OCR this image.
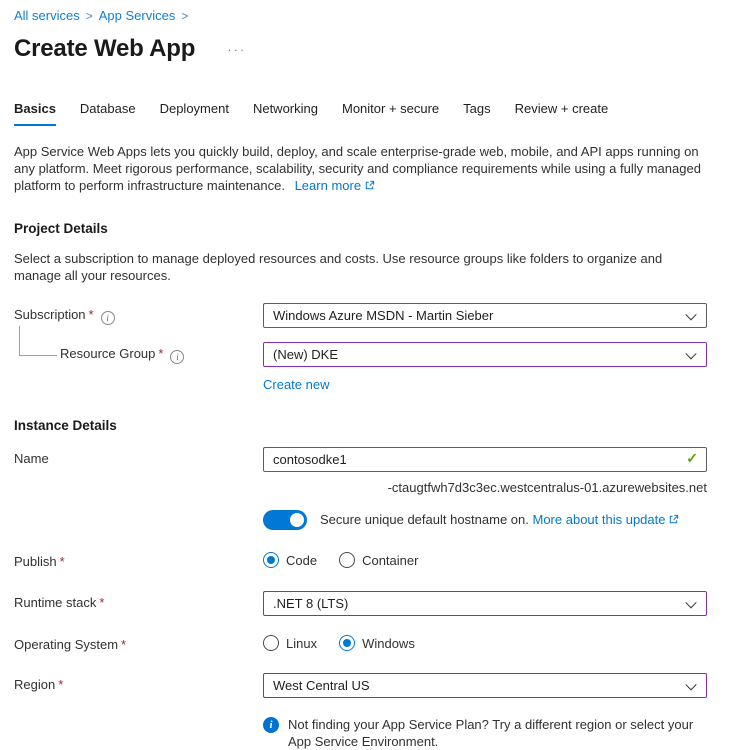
All services > App Services >
Create Web App ···
Basics Database Deployment Networking Monitor + secure Tags Review + create

App Service Web Apps lets you quickly build, deploy, and scale enterprise-grade web, mobile, and API apps running on any platform. Meet rigorous performance, scalability, security and compliance requirements while using a fully managed platform to perform infrastructure maintenance. Learn more

Project Details

Select a subscription to manage deployed resources and costs. Use resource groups like folders to organize and manage all your resources.

Subscription * i	Windows Azure MSDN - Martin Sieber
Resource Group * i	(New) DKE
Create new
Instance Details
Name
contosodke1	✓
-ctaugtfwh7d3c3ec.westcentralus-01.azurewebsites.net
Secure unique default hostname on. More about this update
Publish *	Code	Container
Runtime stack *	.NET 8 (LTS)
Operating System *	Linux	Windows
Region *	West Central US
i	Not finding your App Service Plan? Try a different region or select your App Service Environment.
